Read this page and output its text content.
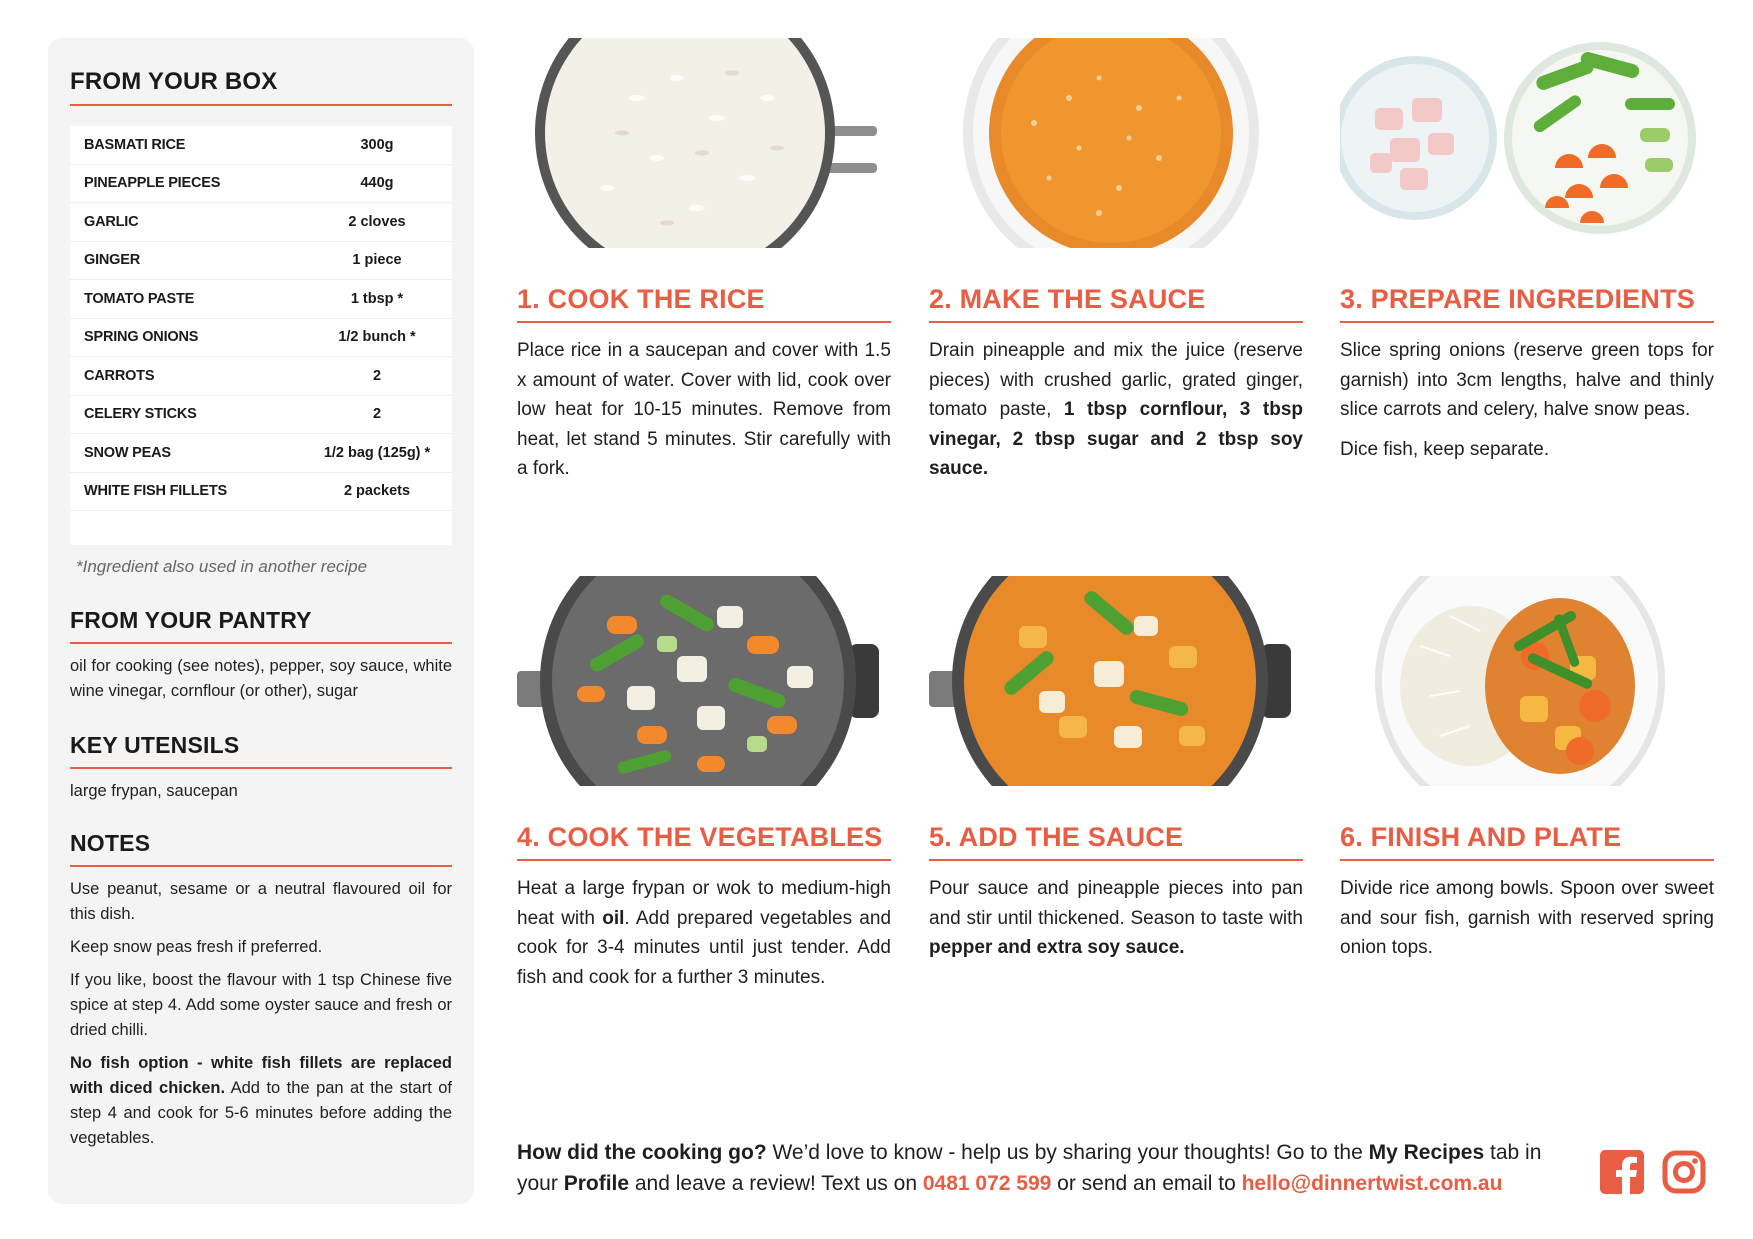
FROM YOUR BOX
BASMATI RICE	300g
PINEAPPLE PIECES	440g
GARLIC	2 cloves
GINGER	1 piece
TOMATO PASTE	1 tbsp *
SPRING ONIONS	1/2 bunch *
CARROTS	2
CELERY STICKS	2
SNOW PEAS	1/2 bag (125g) *
WHITE FISH FILLETS	2 packets
*Ingredient also used in another recipe
FROM YOUR PANTRY

oil for cooking (see notes), pepper, soy sauce, white wine vinegar, cornflour (or other), sugar

KEY UTENSILS

large frypan, saucepan

NOTES

Use peanut, sesame or a neutral flavoured oil for this dish.

Keep snow peas fresh if preferred.

If you like, boost the flavour with 1 tsp Chinese five spice at step 4. Add some oyster sauce and fresh or dried chilli.

No fish option - white fish fillets are replaced with diced chicken. Add to the pan at the start of step 4 and cook for 5-6 minutes before adding the vegetables.

1. COOK THE RICE

Place rice in a saucepan and cover with 1.5 x amount of water. Cover with lid, cook over low heat for 10-15 minutes. Remove from heat, let stand 5 minutes. Stir carefully with a fork.

2. MAKE THE SAUCE

Drain pineapple and mix the juice (reserve pieces) with crushed garlic, grated ginger, tomato paste, 1 tbsp cornflour, 3 tbsp vinegar, 2 tbsp sugar and 2 tbsp soy sauce.

3. PREPARE INGREDIENTS

Slice spring onions (reserve green tops for garnish) into 3cm lengths, halve and thinly slice carrots and celery, halve snow peas.

Dice fish, keep separate.

4. COOK THE VEGETABLES

Heat a large frypan or wok to medium-high heat with oil. Add prepared vegetables and cook for 3-4 minutes until just tender. Add fish and cook for a further 3 minutes.

5. ADD THE SAUCE

Pour sauce and pineapple pieces into pan and stir until thickened. Season to taste with pepper and extra soy sauce.

6. FINISH AND PLATE

Divide rice among bowls. Spoon over sweet and sour fish, garnish with reserved spring onion tops.

How did the cooking go? We’d love to know - help us by sharing your thoughts! Go to the My Recipes tab in your Profile and leave a review! Text us on 0481 072 599 or send an email to hello@dinnertwist.com.au
